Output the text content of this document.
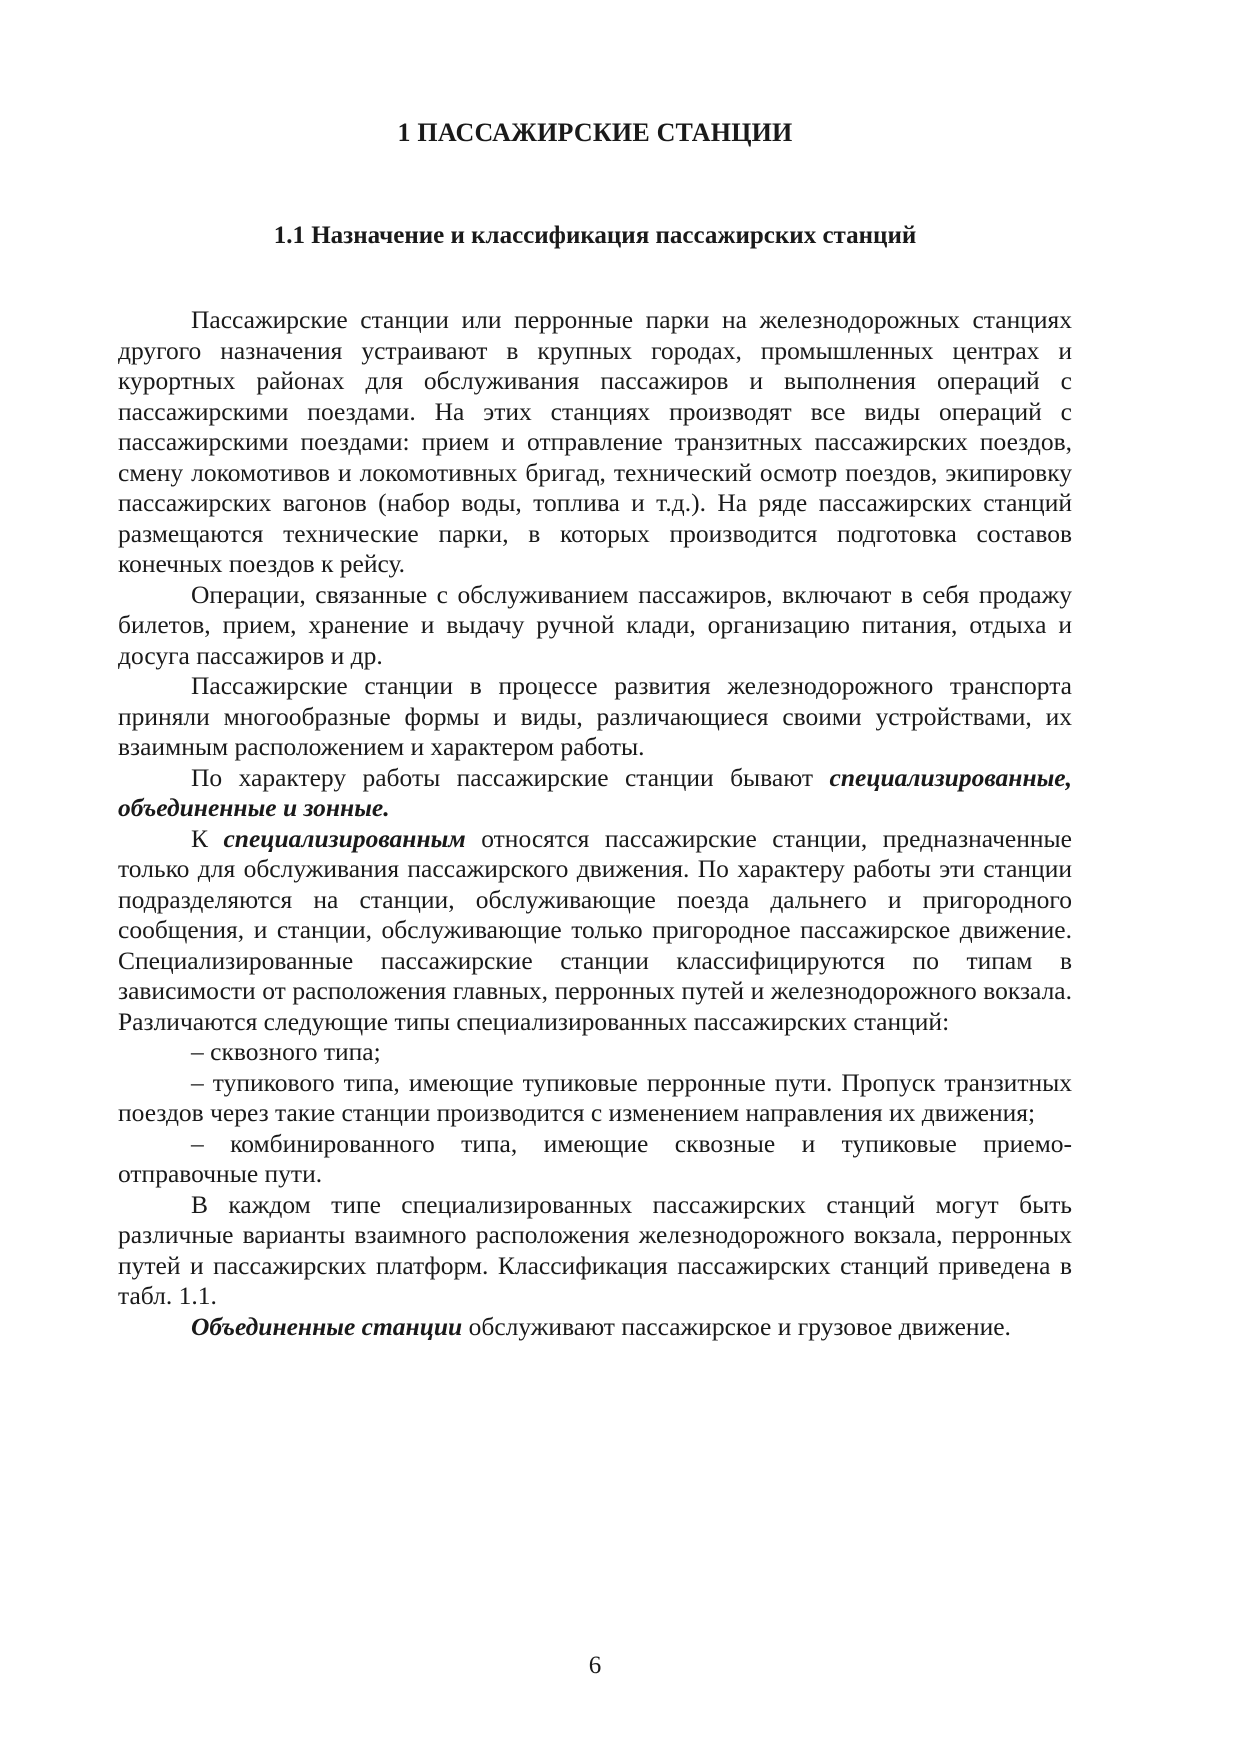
1 ПАССАЖИРСКИЕ СТАНЦИИ
1.1 Назначение и классификация пассажирских станций

Пассажирские станции или перронные парки на железнодорожных станциях другого назначения устраивают в крупных городах, промышленных центрах и курортных районах для обслуживания пассажиров и выполнения операций с пассажирскими поездами. На этих станциях производят все виды операций с пассажирскими поездами: прием и отправление транзитных пассажирских поездов, смену локомотивов и локомотивных бригад, технический осмотр поездов, экипировку пассажирских вагонов (набор воды, топлива и т.д.). На ряде пассажирских станций размещаются технические парки, в которых производится подготовка составов конечных поездов к рейсу.

Операции, связанные с обслуживанием пассажиров, включают в себя продажу билетов, прием, хранение и выдачу ручной клади, организацию питания, отдыха и досуга пассажиров и др.

Пассажирские станции в процессе развития железнодорожного транспорта приняли многообразные формы и виды, различающиеся своими устройствами, их взаимным расположением и характером работы.

По характеру работы пассажирские станции бывают специализированные, объединенные и зонные.

К специализированным относятся пассажирские станции, предназначенные только для обслуживания пассажирского движения. По характеру работы эти станции подразделяются на станции, обслуживающие поезда дальнего и пригородного сообщения, и станции, обслуживающие только пригородное пассажирское движение. Специализированные пассажирские станции классифицируются по типам в зависимости от расположения главных, перронных путей и железнодорожного вокзала. Различаются следующие типы специализированных пассажирских станций:

– сквозного типа;

– тупикового типа, имеющие тупиковые перронные пути. Пропуск транзитных поездов через такие станции производится с изменением направления их движения;

– комбинированного типа, имеющие сквозные и тупиковые приемо-отправочные пути.

В каждом типе специализированных пассажирских станций могут быть различные варианты взаимного расположения железнодорожного вокзала, перронных путей и пассажирских платформ. Классификация пассажирских станций приведена в табл. 1.1.

Объединенные станции обслуживают пассажирское и грузовое движение.

6
